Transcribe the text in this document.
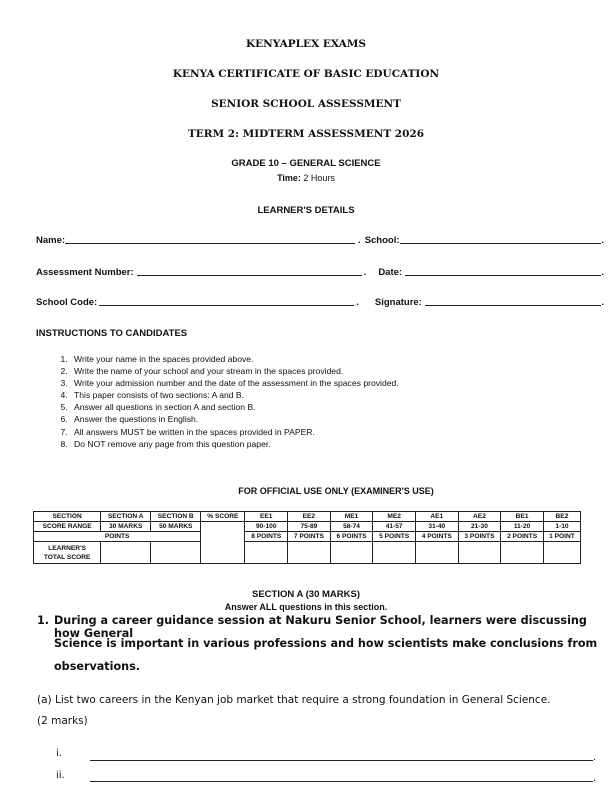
KENYAPLEX EXAMS
KENYA CERTIFICATE OF BASIC EDUCATION
SENIOR SCHOOL ASSESSMENT
TERM 2: MIDTERM ASSESSMENT 2026
GRADE 10 – GENERAL SCIENCE
Time: 2 Hours
LEARNER'S DETAILS
Name:	. School:	.
Assessment Number:	. Date:	.
School Code:	. Signature:	.
INSTRUCTIONS TO CANDIDATES
1. Write your name in the spaces provided above.
2. Write the name of your school and your stream in the spaces provided.
3. Write your admission number and the date of the assessment in the spaces provided.
4. This paper consists of two sections: A and B.
5. Answer all questions in section A and section B.
6. Answer the questions in English.
7. All answers MUST be written in the spaces provided in PAPER.
8. Do NOT remove any page from this question paper.
FOR OFFICIAL USE ONLY (EXAMINER'S USE)
SECTION	SECTION A	SECTION B	% SCORE	EE1	EE2	ME1	ME2	AE1	AE2	BE1	BE2
SCORE RANGE	30 MARKS	50 MARKS		90-100	75-89	58-74	41-57	31-40	21-30	11-20	1-10
POINTS				8 POINTS	7 POINTS	6 POINTS	5 POINTS	4 POINTS	3 POINTS	2 POINTS	1 POINT
LEARNER'S
TOTAL SCORE											
SECTION A (30 MARKS)
Answer ALL questions in this section.
1. During a career guidance session at Nakuru Senior School, learners were discussing how General
Science is important in various professions and how scientists make conclusions from
observations.
(a) List two careers in the Kenyan job market that require a strong foundation in General Science.
(2 marks)
i.	.
ii.	.
